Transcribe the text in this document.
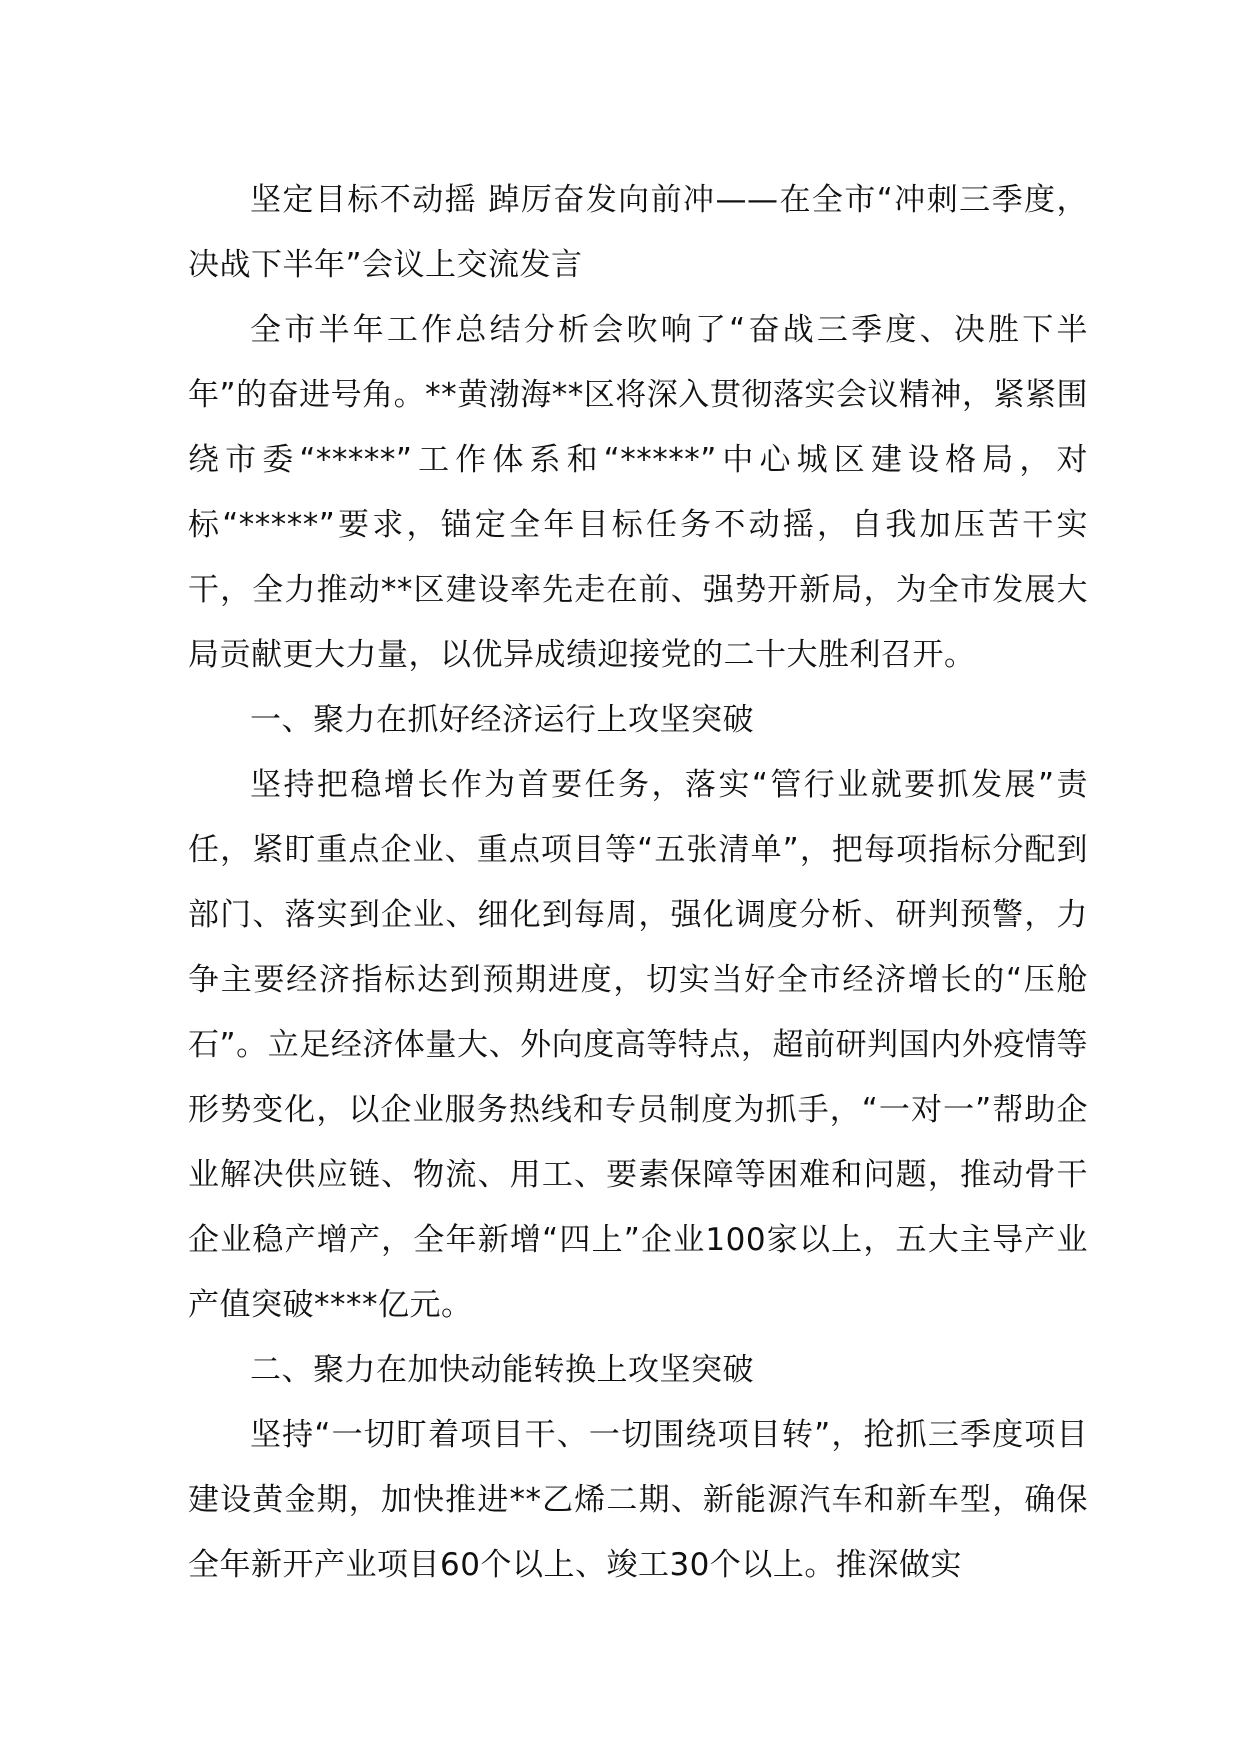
坚定目标不动摇 踔厉奋发向前冲——在全市“冲刺三季度，决战下半年”会议上交流发言

全市半年工作总结分析会吹响了“奋战三季度、决胜下半年”的奋进号角。**黄渤海**区将深入贯彻落实会议精神，紧紧围绕市委“*****”工作体系和“*****”中心城区建设格局，对标“*****”要求，锚定全年目标任务不动摇，自我加压苦干实干，全力推动**区建设率先走在前、强势开新局，为全市发展大局贡献更大力量，以优异成绩迎接党的二十大胜利召开。

一、聚力在抓好经济运行上攻坚突破

坚持把稳增长作为首要任务，落实“管行业就要抓发展”责任，紧盯重点企业、重点项目等“五张清单”，把每项指标分配到部门、落实到企业、细化到每周，强化调度分析、研判预警，力争主要经济指标达到预期进度，切实当好全市经济增长的“压舱石”。立足经济体量大、外向度高等特点，超前研判国内外疫情等形势变化，以企业服务热线和专员制度为抓手，“一对一”帮助企业解决供应链、物流、用工、要素保障等困难和问题，推动骨干企业稳产增产，全年新增“四上”企业100家以上，五大主导产业产值突破****亿元。

二、聚力在加快动能转换上攻坚突破

坚持“一切盯着项目干、一切围绕项目转”，抢抓三季度项目建设黄金期，加快推进**乙烯二期、新能源汽车和新车型，确保全年新开产业项目60个以上、竣工30个以上。推深做实
